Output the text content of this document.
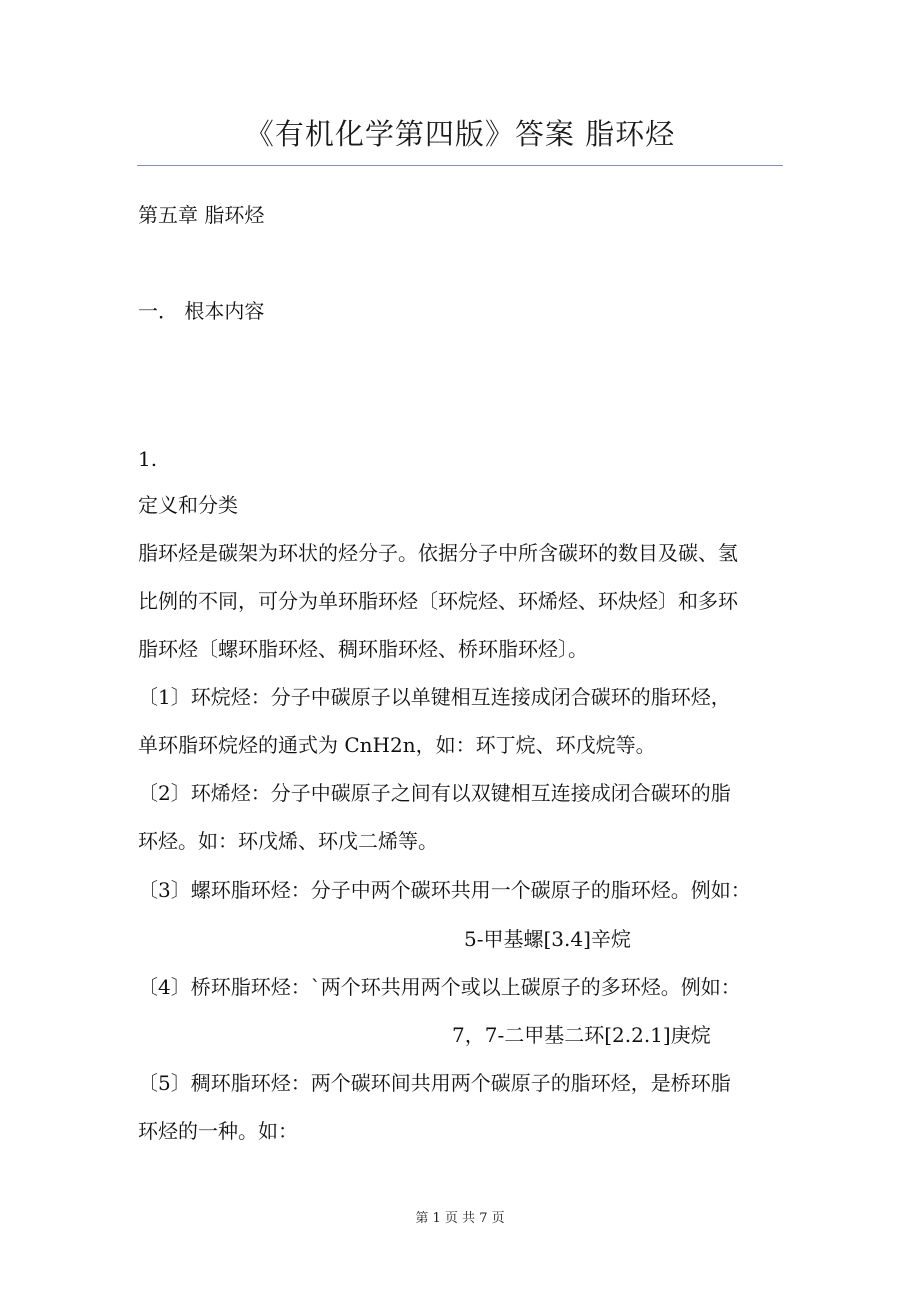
《有机化学第四版》答案 脂环烃
第五章 脂环烃
一． 根本内容
1.
定义和分类
脂环烃是碳架为环状的烃分子。依据分子中所含碳环的数目及碳、氢
比例的不同，可分为单环脂环烃〔环烷烃、环烯烃、环炔烃〕和多环
脂环烃〔螺环脂环烃、稠环脂环烃、桥环脂环烃〕。
〔1〕环烷烃：分子中碳原子以单键相互连接成闭合碳环的脂环烃，
单环脂环烷烃的通式为 CnH2n，如：环丁烷、环戊烷等。
〔2〕环烯烃：分子中碳原子之间有以双键相互连接成闭合碳环的脂
环烃。如：环戊烯、环戊二烯等。
〔3〕螺环脂环烃：分子中两个碳环共用一个碳原子的脂环烃。例如：
5-甲基螺[3.4]辛烷
〔4〕桥环脂环烃：`两个环共用两个或以上碳原子的多环烃。例如：
7，7-二甲基二环[2.2.1]庚烷
〔5〕稠环脂环烃：两个碳环间共用两个碳原子的脂环烃，是桥环脂
环烃的一种。如：
第 1 页 共 7 页
